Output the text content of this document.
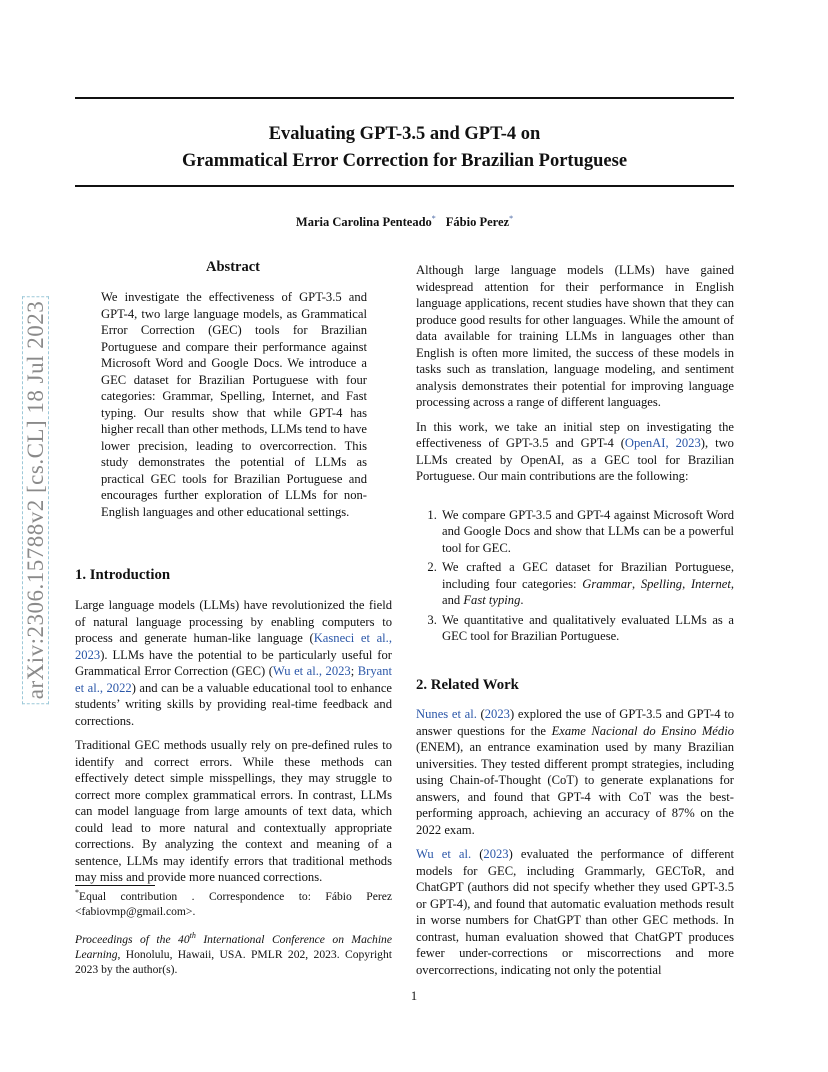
arXiv:2306.15788v2 [cs.CL] 18 Jul 2023
Evaluating GPT-3.5 and GPT-4 on
Grammatical Error Correction for Brazilian Portuguese
Maria Carolina Penteado* Fábio Perez*
Abstract

We investigate the effectiveness of GPT-3.5 and GPT-4, two large language models, as Grammatical Error Correction (GEC) tools for Brazilian Portuguese and compare their performance against Microsoft Word and Google Docs. We introduce a GEC dataset for Brazilian Portuguese with four categories: Grammar, Spelling, Internet, and Fast typing. Our results show that while GPT-4 has higher recall than other methods, LLMs tend to have lower precision, leading to overcorrection. This study demonstrates the potential of LLMs as practical GEC tools for Brazilian Portuguese and encourages further exploration of LLMs for non-English languages and other educational settings.

1. Introduction

Large language models (LLMs) have revolutionized the field of natural language processing by enabling computers to process and generate human-like language (Kasneci et al., 2023). LLMs have the potential to be particularly useful for Grammatical Error Correction (GEC) (Wu et al., 2023; Bryant et al., 2022) and can be a valuable educational tool to enhance students’ writing skills by providing real-time feedback and corrections.

Traditional GEC methods usually rely on pre-defined rules to identify and correct errors. While these methods can effectively detect simple misspellings, they may struggle to correct more complex grammatical errors. In contrast, LLMs can model language from large amounts of text data, which could lead to more natural and contextually appropriate corrections. By analyzing the context and meaning of a sentence, LLMs may identify errors that traditional methods may miss and provide more nuanced corrections.

*Equal contribution . Correspondence to: Fábio Perez <fabiovmp@gmail.com>.
Proceedings of the 40th International Conference on Machine Learning, Honolulu, Hawaii, USA. PMLR 202, 2023. Copyright 2023 by the author(s).

Although large language models (LLMs) have gained widespread attention for their performance in English language applications, recent studies have shown that they can produce good results for other languages. While the amount of data available for training LLMs in languages other than English is often more limited, the success of these models in tasks such as translation, language modeling, and sentiment analysis demonstrates their potential for improving language processing across a range of different languages.

In this work, we take an initial step on investigating the effectiveness of GPT-3.5 and GPT-4 (OpenAI, 2023), two LLMs created by OpenAI, as a GEC tool for Brazilian Portuguese. Our main contributions are the following:

1. We compare GPT-3.5 and GPT-4 against Microsoft Word and Google Docs and show that LLMs can be a powerful tool for GEC.
2. We crafted a GEC dataset for Brazilian Portuguese, including four categories: Grammar, Spelling, Internet, and Fast typing.
3. We quantitative and qualitatively evaluated LLMs as a GEC tool for Brazilian Portuguese.
2. Related Work

Nunes et al. (2023) explored the use of GPT-3.5 and GPT-4 to answer questions for the Exame Nacional do Ensino Médio (ENEM), an entrance examination used by many Brazilian universities. They tested different prompt strategies, including using Chain-of-Thought (CoT) to generate explanations for answers, and found that GPT-4 with CoT was the best-performing approach, achieving an accuracy of 87% on the 2022 exam.

Wu et al. (2023) evaluated the performance of different models for GEC, including Grammarly, GECToR, and ChatGPT (authors did not specify whether they used GPT-3.5 or GPT-4), and found that automatic evaluation methods result in worse numbers for ChatGPT than other GEC methods. In contrast, human evaluation showed that ChatGPT produces fewer under-corrections or miscorrections and more overcorrections, indicating not only the potential

1
